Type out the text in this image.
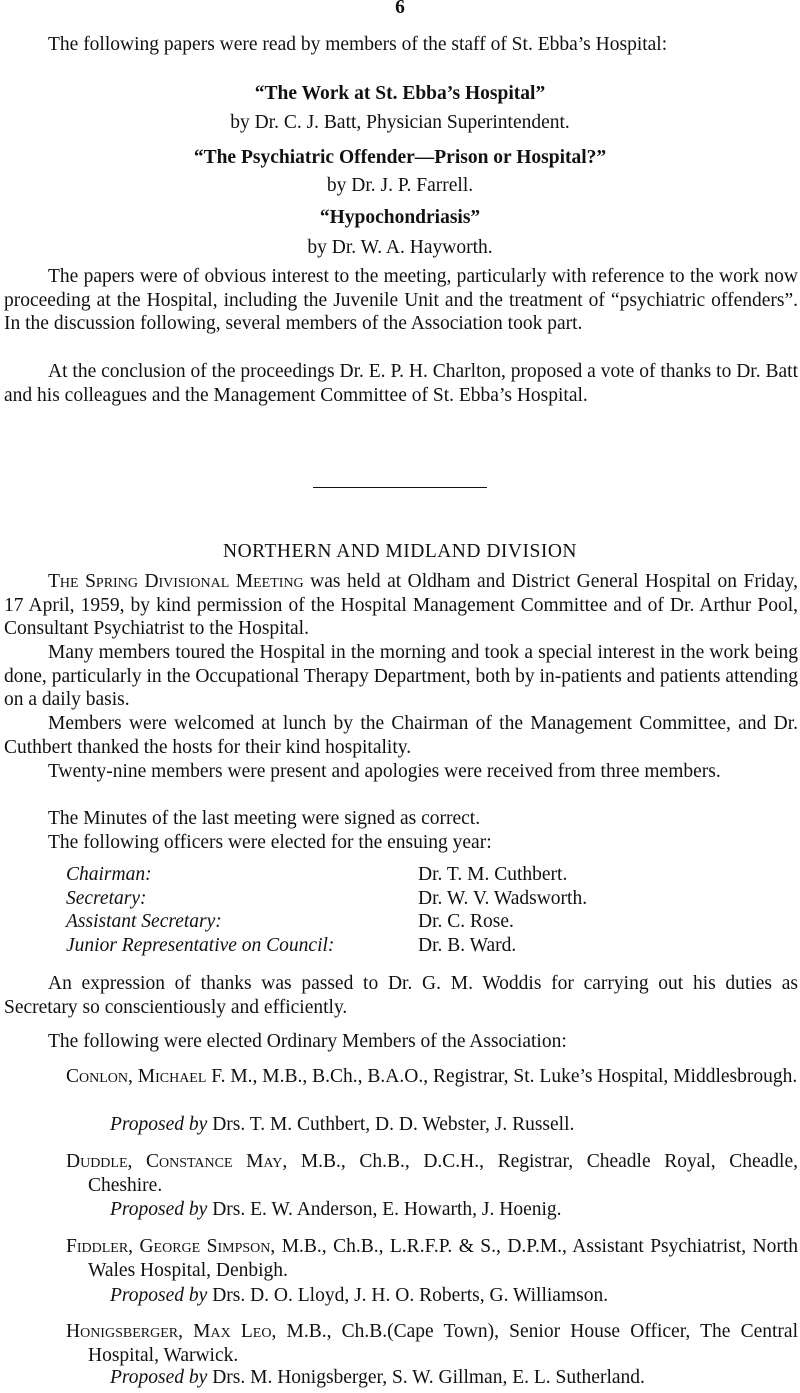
6
The following papers were read by members of the staff of St. Ebba’s Hospital:
“The Work at St. Ebba’s Hospital”
by Dr. C. J. Batt, Physician Superintendent.
“The Psychiatric Offender—Prison or Hospital?”
by Dr. J. P. Farrell.
“Hypochondriasis”
by Dr. W. A. Hayworth.
The papers were of obvious interest to the meeting, particularly with reference to the work now proceeding at the Hospital, including the Juvenile Unit and the treatment of “psychiatric offenders”. In the discussion following, several members of the Association took part.
At the conclusion of the proceedings Dr. E. P. H. Charlton, proposed a vote of thanks to Dr. Batt and his colleagues and the Management Committee of St. Ebba’s Hospital.
NORTHERN AND MIDLAND DIVISION
The Spring Divisional Meeting was held at Oldham and District General Hospital on Friday, 17 April, 1959, by kind permission of the Hospital Management Committee and of Dr. Arthur Pool, Consultant Psychiatrist to the Hospital.
Many members toured the Hospital in the morning and took a special interest in the work being done, particularly in the Occupational Therapy Department, both by in-patients and patients attending on a daily basis.
Members were welcomed at lunch by the Chairman of the Management Committee, and Dr. Cuthbert thanked the hosts for their kind hospitality.
Twenty-nine members were present and apologies were received from three members.
The Minutes of the last meeting were signed as correct.
The following officers were elected for the ensuing year:
Chairman:	Dr. T. M. Cuthbert.
Secretary:	Dr. W. V. Wadsworth.
Assistant Secretary:	Dr. C. Rose.
Junior Representative on Council:	Dr. B. Ward.
An expression of thanks was passed to Dr. G. M. Woddis for carrying out his duties as Secretary so conscientiously and efficiently.
The following were elected Ordinary Members of the Association:
Conlon, Michael F. M., M.B., B.Ch., B.A.O., Registrar, St. Luke’s Hospital, Middlesbrough.
Proposed by Drs. T. M. Cuthbert, D. D. Webster, J. Russell.
Duddle, Constance May, M.B., Ch.B., D.C.H., Registrar, Cheadle Royal, Cheadle, Cheshire.
Proposed by Drs. E. W. Anderson, E. Howarth, J. Hoenig.
Fiddler, George Simpson, M.B., Ch.B., L.R.F.P. & S., D.P.M., Assistant Psychiatrist, North Wales Hospital, Denbigh.
Proposed by Drs. D. O. Lloyd, J. H. O. Roberts, G. Williamson.
Honigsberger, Max Leo, M.B., Ch.B.(Cape Town), Senior House Officer, The Central Hospital, Warwick.
Proposed by Drs. M. Honigsberger, S. W. Gillman, E. L. Sutherland.
